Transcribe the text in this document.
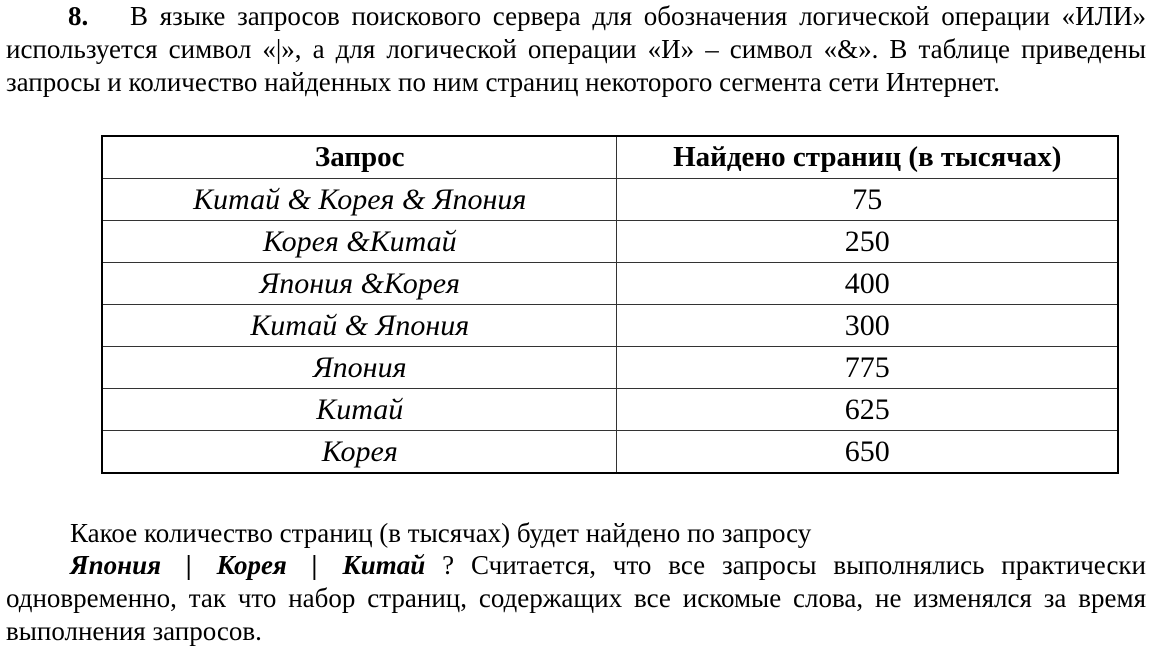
8. В языке запросов поискового сервера для обозначения логической операции «ИЛИ» используется символ «|», а для логической операции «И» – символ «&». В таблице приведены запросы и количество найденных по ним страниц некоторого сегмента сети Интернет.

Запрос	Найдено страниц (в тысячах)
Китай & Корея & Япония	75
Корея &Китай	250
Япония &Корея	400
Китай & Япония	300
Япония	775
Китай	625
Корея	650

Какое количество страниц (в тысячах) будет найдено по запросу

Япония | Корея | Китай ? Считается, что все запросы выполнялись практически одновременно, так что набор страниц, содержащих все искомые слова, не изменялся за время выполнения запросов.
